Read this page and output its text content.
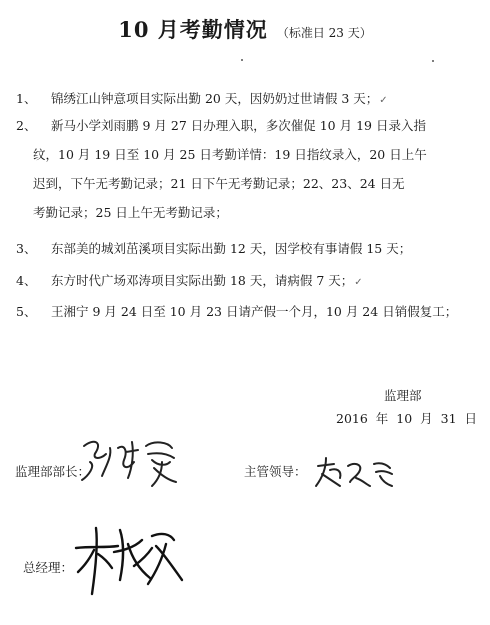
10 月考勤情况 （标准日 23 天）
1、 锦绣江山钟意项目实际出勤 20 天，因奶奶过世请假 3 天；✓
2、 新马小学刘雨鹏 9 月 27 日办理入职，多次催促 10 月 19 日录入指
纹，10 月 19 日至 10 月 25 日考勤详情：19 日指纹录入，20 日上午
迟到，下午无考勤记录；21 日下午无考勤记录；22、23、24 日无
考勤记录；25 日上午无考勤记录；
3、 东部美的城刘茁溪项目实际出勤 12 天，因学校有事请假 15 天；
4、 东方时代广场邓涛项目实际出勤 18 天，请病假 7 天；✓
5、 王湘宁 9 月 24 日至 10 月 23 日请产假一个月，10 月 24 日销假复工；
监理部
2016 年 10 月 31 日
监理部部长：	主管领导：
总经理：
